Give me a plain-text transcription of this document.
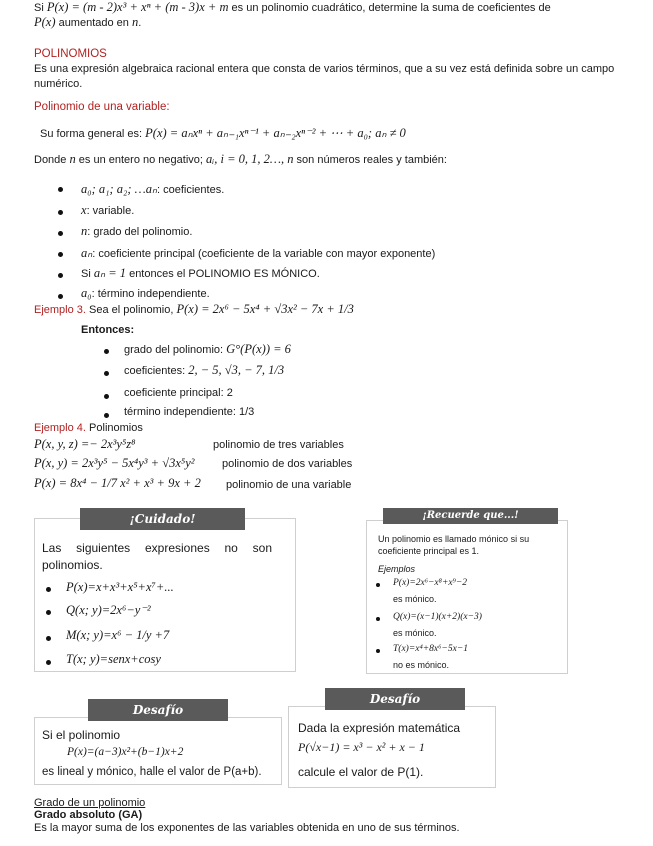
Si P(x) = (m - 2)x³ + xⁿ + (m - 3)x + m es un polinomio cuadrático, determine la suma de coeficientes de
P(x) aumentado en n.
POLINOMIOS
Es una expresión algebraica racional entera que consta de varios términos, que a su vez está definida sobre un campo
numérico.
Polinomio de una variable:
Su forma general es: P(x) = aₙxⁿ + aₙ₋₁xⁿ⁻¹ + aₙ₋₂xⁿ⁻² + ⋯ + a₀; aₙ ≠ 0
Donde n es un entero no negativo; aᵢ, i = 0, 1, 2…, n son números reales y también:
a₀; a₁; a₂; …aₙ: coeficientes.
x: variable.
n: grado del polinomio.
aₙ: coeficiente principal (coeficiente de la variable con mayor exponente)
Si aₙ = 1 entonces el POLINOMIO ES MÓNICO.
a₀: término independiente.
Ejemplo 3. Sea el polinomio, P(x) = 2x⁶ − 5x⁴ + √3x² − 7x + 1/3
Entonces:
grado del polinomio: G°(P(x)) = 6
coeficientes: 2, − 5, √3, − 7, 1/3
coeficiente principal: 2
término independiente: 1/3
Ejemplo 4. Polinomios
P(x, y, z) =− 2x³y⁵z⁸	polinomio de tres variables
P(x, y) = 2x³y⁵ − 5x⁴y³ + √3x⁵y² polinomio de dos variables
P(x) = 8x⁴ − 1/7 x² + x³ + 9x + 2 polinomio de una variable
¡Cuidado!
Las siguientes expresiones no son
polinomios.
P(x)=x+x³+x⁵+x⁷+...
Q(x; y)=2x⁶−y⁻²
M(x; y)=x⁶ − 1/y +7
T(x; y)=senx+cosy
¡Recuerde que...!
Un polinomio es llamado mónico si su
coeficiente principal es 1.
Ejemplos
P(x)=2x⁶−x⁸+x⁹−2
es mónico.
Q(x)=(x−1)(x+2)(x−3)
es mónico.
T(x)=x⁴+8x⁶−5x−1
no es mónico.
Desafío
Si el polinomio
P(x)=(a−3)x²+(b−1)x+2
es lineal y mónico, halle el valor de P(a+b).
Desafío
Dada la expresión matemática
P(√x−1) = x³ − x² + x − 1
calcule el valor de P(1).
Grado de un polinomio
Grado absoluto (GA)
Es la mayor suma de los exponentes de las variables obtenida en uno de sus términos.
